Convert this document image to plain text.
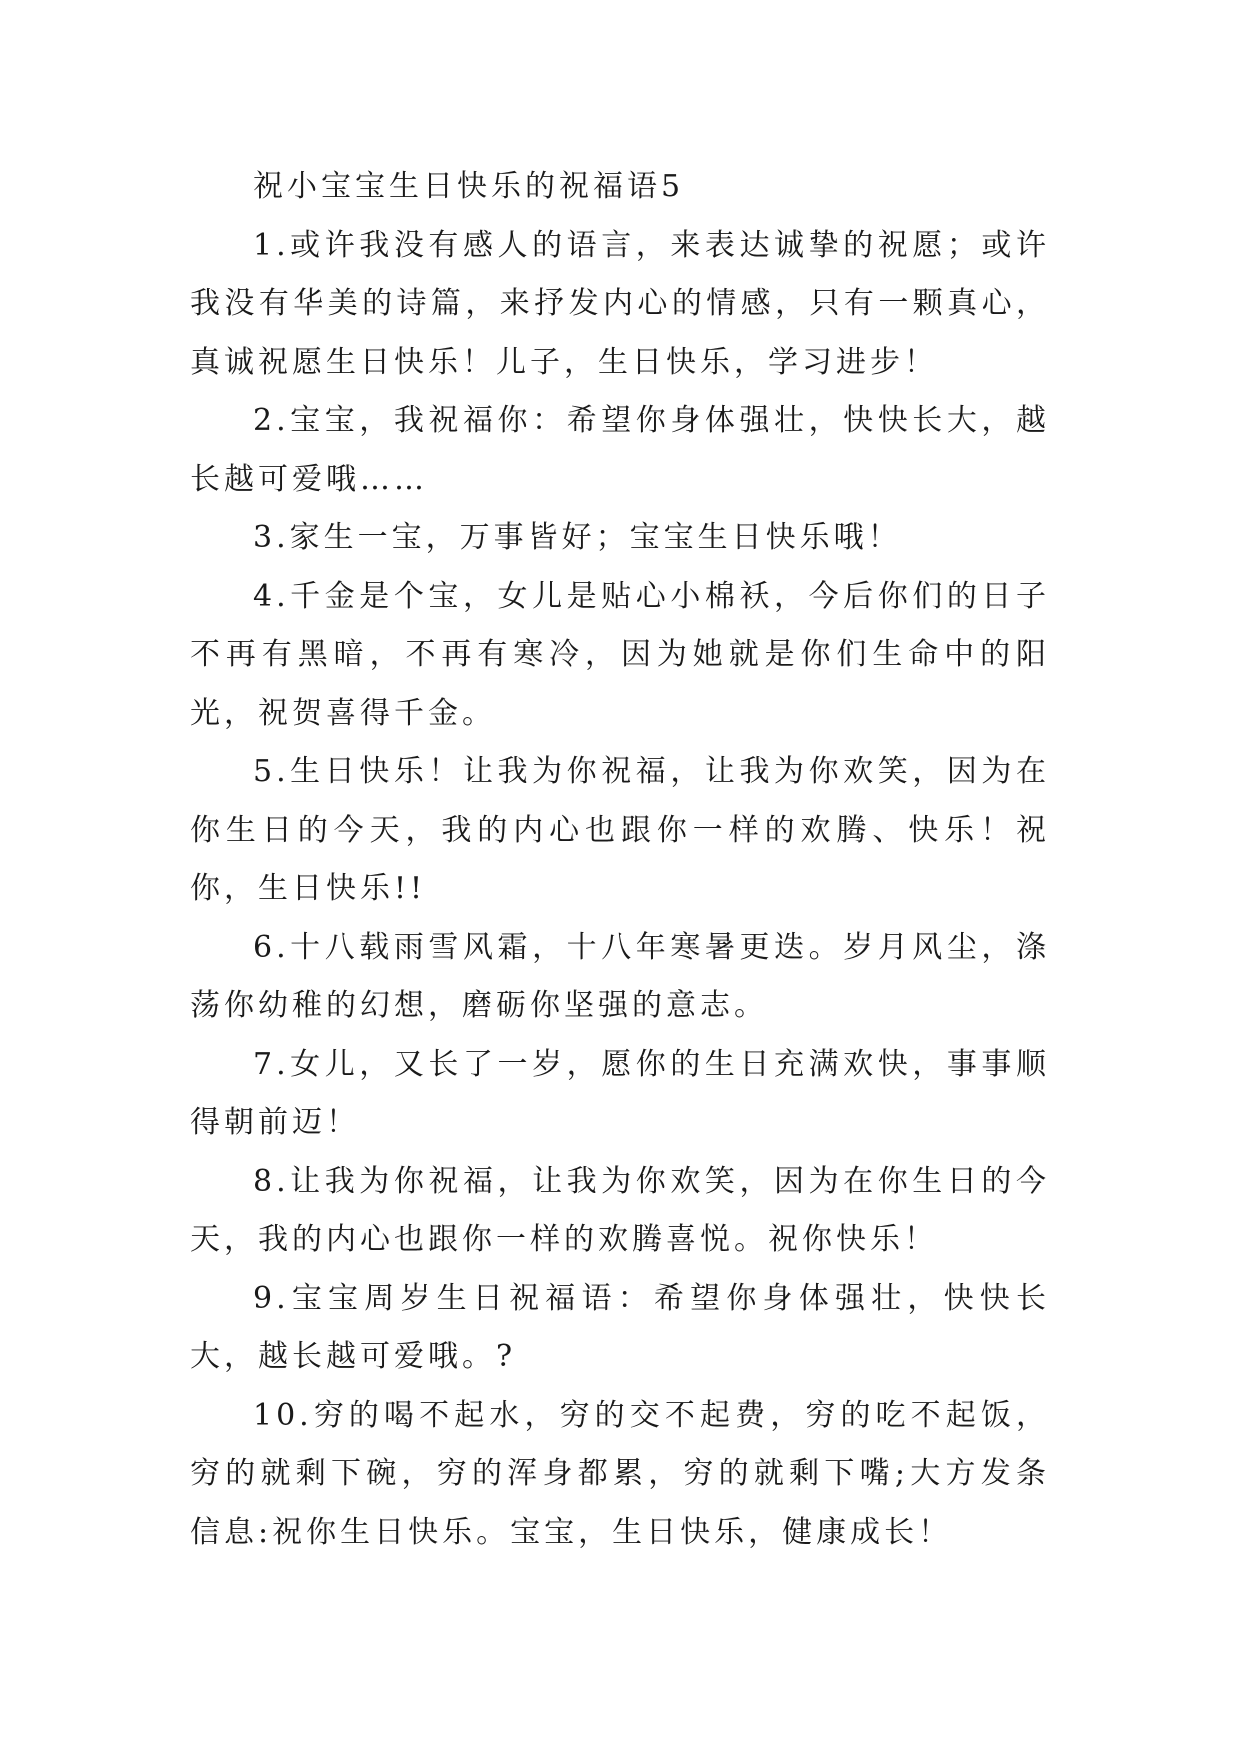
祝小宝宝生日快乐的祝福语5

1.或许我没有感人的语言，来表达诚挚的祝愿；或许我没有华美的诗篇，来抒发内心的情感，只有一颗真心，真诚祝愿生日快乐！儿子，生日快乐，学习进步！

2.宝宝，我祝福你：希望你身体强壮，快快长大，越长越可爱哦……

3.家生一宝，万事皆好；宝宝生日快乐哦！

4.千金是个宝，女儿是贴心小棉袄，今后你们的日子不再有黑暗，不再有寒冷，因为她就是你们生命中的阳光，祝贺喜得千金。

5.生日快乐！让我为你祝福，让我为你欢笑，因为在你生日的今天，我的内心也跟你一样的欢腾、快乐！祝你，生日快乐!!

6.十八载雨雪风霜，十八年寒暑更迭。岁月风尘，涤荡你幼稚的幻想，磨砺你坚强的意志。

7.女儿，又长了一岁，愿你的生日充满欢快，事事顺得朝前迈！

8.让我为你祝福，让我为你欢笑，因为在你生日的今天，我的内心也跟你一样的欢腾喜悦。祝你快乐！

9.宝宝周岁生日祝福语：希望你身体强壮，快快长大，越长越可爱哦。?

10.穷的喝不起水，穷的交不起费，穷的吃不起饭，穷的就剩下碗，穷的浑身都累，穷的就剩下嘴;大方发条信息:祝你生日快乐。宝宝，生日快乐，健康成长！
